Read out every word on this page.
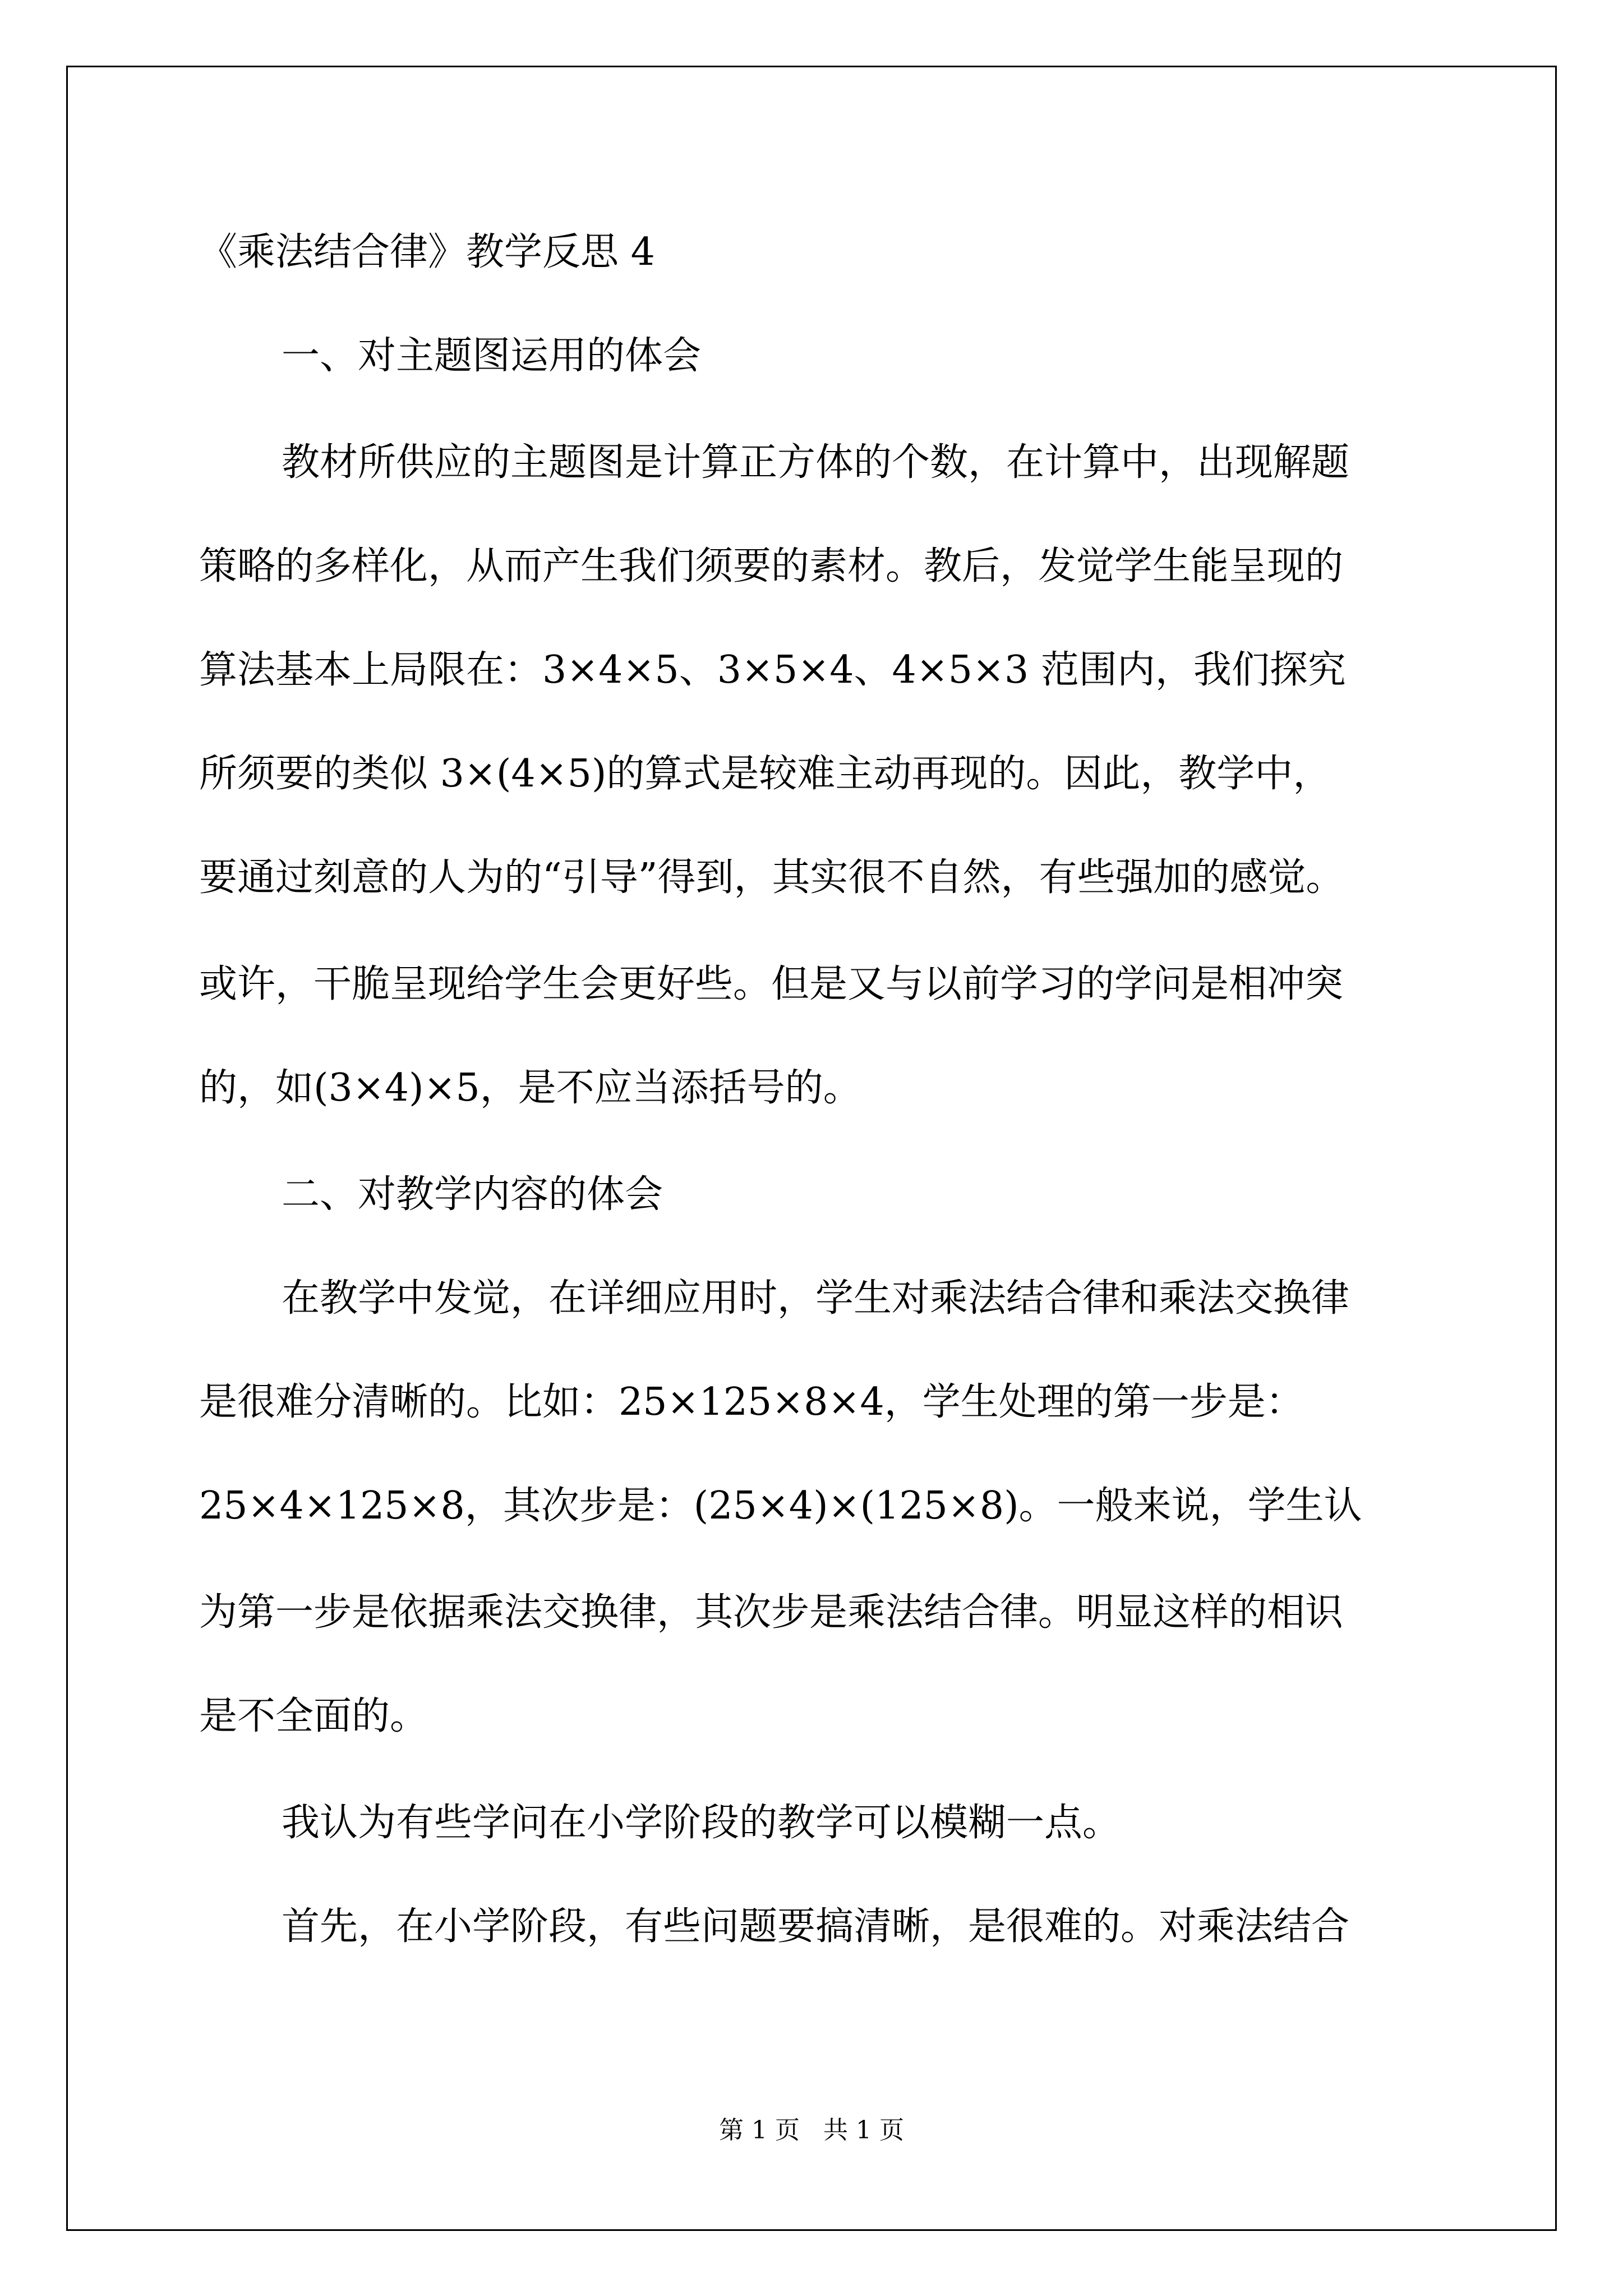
《乘法结合律》教学反思 4
一、对主题图运用的体会
教材所供应的主题图是计算正方体的个数，在计算中，出现解题
策略的多样化，从而产生我们须要的素材。教后，发觉学生能呈现的
算法基本上局限在：3×4×5、3×5×4、4×5×3 范围内，我们探究
所须要的类似 3×(4×5)的算式是较难主动再现的。因此，教学中，
要通过刻意的人为的“引导”得到，其实很不自然，有些强加的感觉。
或许，干脆呈现给学生会更好些。但是又与以前学习的学问是相冲突
的，如(3×4)×5，是不应当添括号的。
二、对教学内容的体会
在教学中发觉，在详细应用时，学生对乘法结合律和乘法交换律
是很难分清晰的。比如：25×125×8×4，学生处理的第一步是：
25×4×125×8，其次步是：(25×4)×(125×8)。一般来说，学生认
为第一步是依据乘法交换律，其次步是乘法结合律。明显这样的相识
是不全面的。
我认为有些学问在小学阶段的教学可以模糊一点。
首先，在小学阶段，有些问题要搞清晰，是很难的。对乘法结合
第 1 页   共 1 页
